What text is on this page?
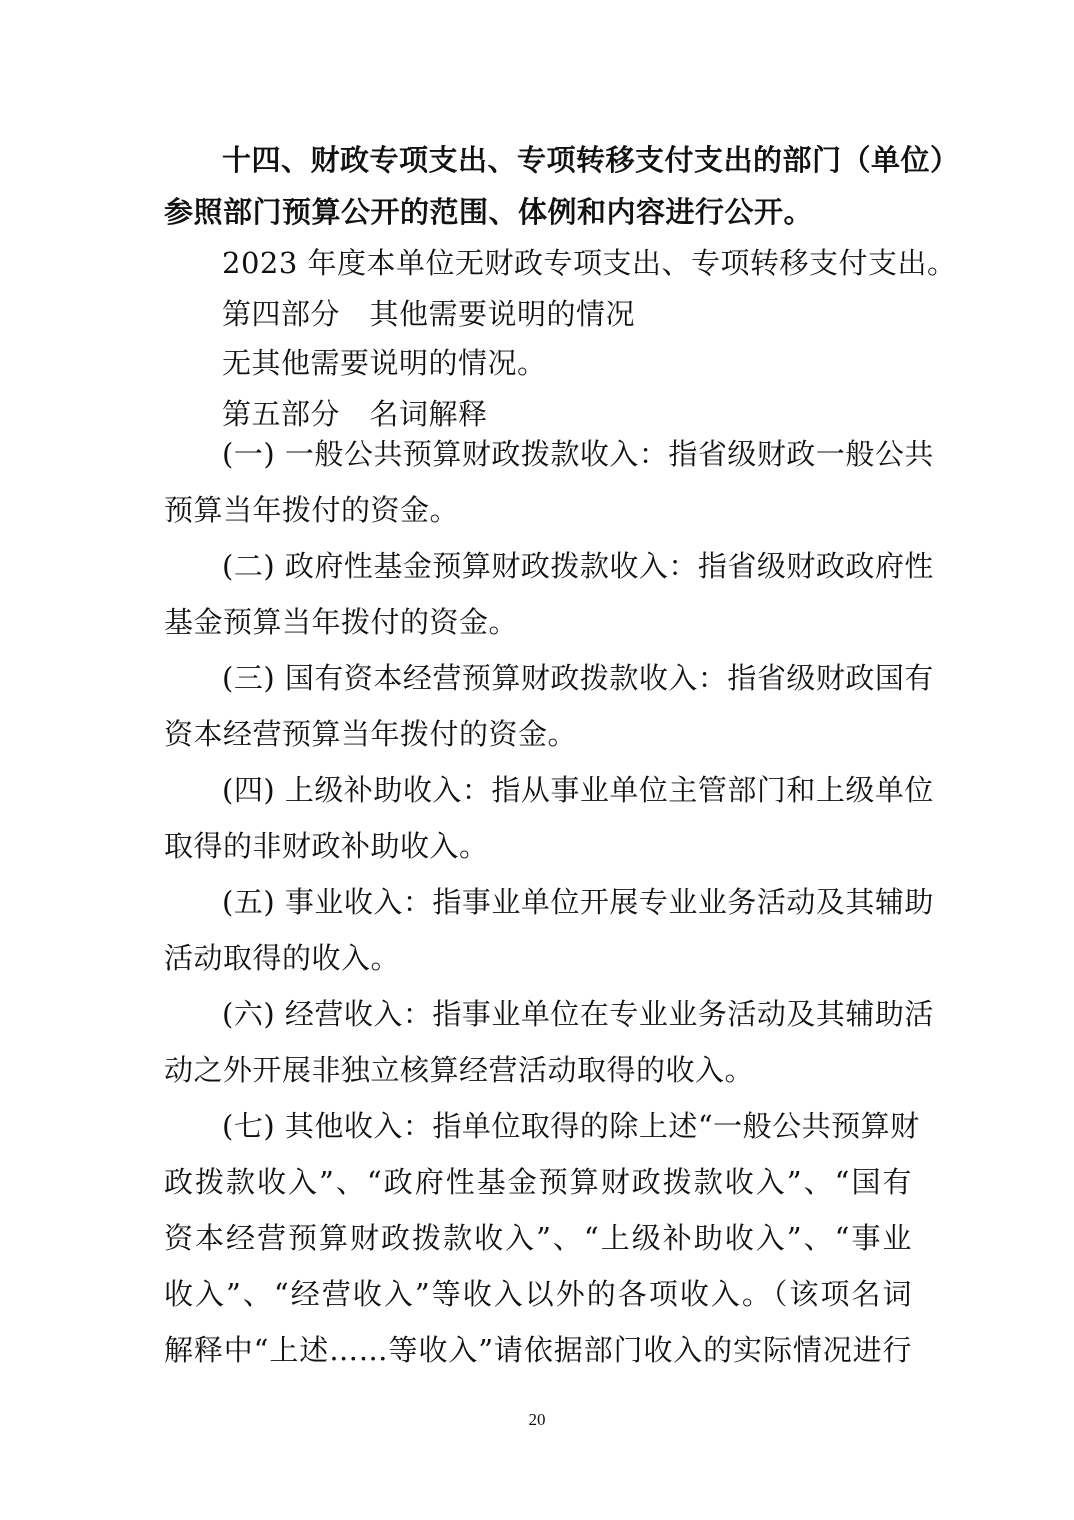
十四、财政专项支出、专项转移支付支出的部门（单位）
参照部门预算公开的范围、体例和内容进行公开。
2023 年度本单位无财政专项支出、专项转移支付支出。
第四部分　其他需要说明的情况
无其他需要说明的情况。
第五部分　名词解释
(一) 一般公共预算财政拨款收入：指省级财政一般公共
预算当年拨付的资金。
(二) 政府性基金预算财政拨款收入：指省级财政政府性
基金预算当年拨付的资金。
(三) 国有资本经营预算财政拨款收入：指省级财政国有
资本经营预算当年拨付的资金。
(四) 上级补助收入：指从事业单位主管部门和上级单位
取得的非财政补助收入。
(五) 事业收入：指事业单位开展专业业务活动及其辅助
活动取得的收入。
(六) 经营收入：指事业单位在专业业务活动及其辅助活
动之外开展非独立核算经营活动取得的收入。
(七) 其他收入：指单位取得的除上述“一般公共预算财
政拨款收入”、“政府性基金预算财政拨款收入”、“国有
资本经营预算财政拨款收入”、“上级补助收入”、“事业
收入”、“经营收入”等收入以外的各项收入。（该项名词
解释中“上述……等收入”请依据部门收入的实际情况进行
20
